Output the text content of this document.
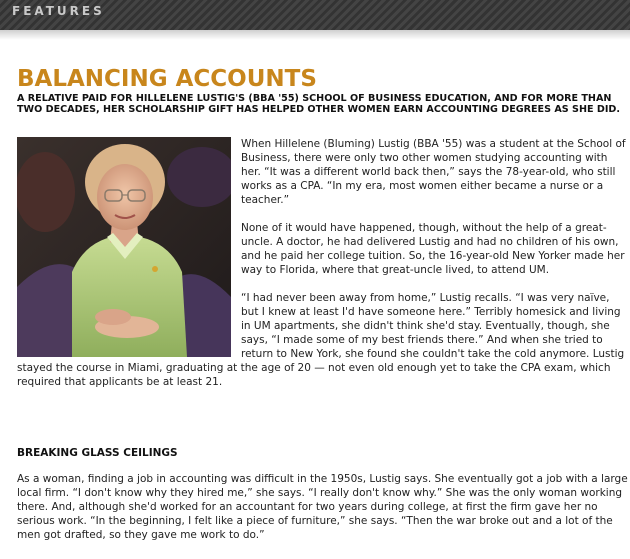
FEATURES
BALANCING ACCOUNTS

A RELATIVE PAID FOR HILLELENE LUSTIG'S (BBA '55) SCHOOL OF BUSINESS EDUCATION, AND FOR MORE THAN TWO DECADES, HER SCHOLARSHIP GIFT HAS HELPED OTHER WOMEN EARN ACCOUNTING DEGREES AS SHE DID.

When Hillelene (Bluming) Lustig (BBA '55) was a student at the School of Business, there were only two other women studying accounting with her. “It was a different world back then,” says the 78-year-old, who still works as a CPA. “In my era, most women either became a nurse or a teacher.”

None of it would have happened, though, without the help of a great-uncle. A doctor, he had delivered Lustig and had no children of his own, and he paid her college tuition. So, the 16-year-old New Yorker made her way to Florida, where that great-uncle lived, to attend UM.

“I had never been away from home,” Lustig recalls. “I was very naïve, but I knew at least I'd have someone here.” Terribly homesick and living in UM apartments, she didn't think she'd stay. Eventually, though, she says, “I made some of my best friends there.” And when she tried to return to New York, she found she couldn't take the cold anymore. Lustig stayed the course in Miami, graduating at the age of 20 — not even old enough yet to take the CPA exam, which required that applicants be at least 21.

BREAKING GLASS CEILINGS

As a woman, finding a job in accounting was difficult in the 1950s, Lustig says. She eventually got a job with a large local firm. “I don't know why they hired me,” she says. “I really don't know why.” She was the only woman working there. And, although she'd worked for an accountant for two years during college, at first the firm gave her no serious work. “In the beginning, I felt like a piece of furniture,” she says. “Then the war broke out and a lot of the men got drafted, so they gave me work to do.”
